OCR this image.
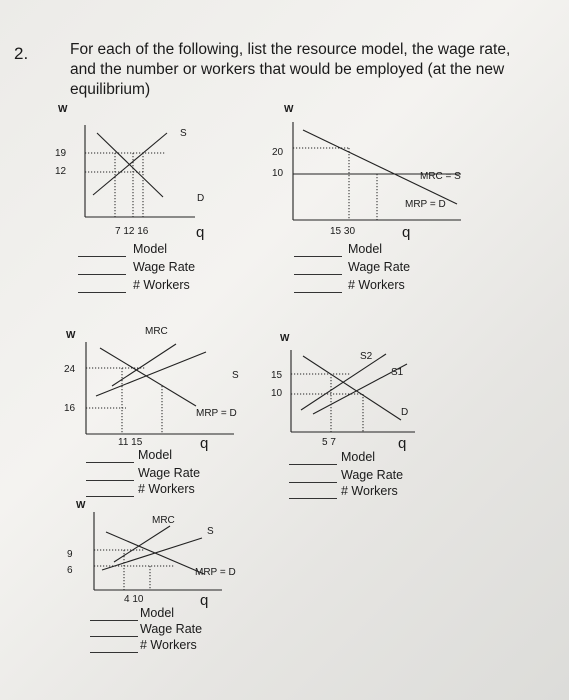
2.	For each of the following, list the resource model, the wage rate, and the number or workers that would be employed (at the new equilibrium)
W
19
12
S
D
7 12 16	q
Model
Wage Rate
# Workers
W
20
10	MRC = S
MRP = D
15 30	q
Model
Wage Rate
# Workers
W	MRC
24
16
S
MRP = D
11 15	q
Model
Wage Rate
# Workers
W
S2
S1
D
15
10
5 7	q
Model
Wage Rate
# Workers
W
MRC
9
6
S
MRP = D
4 10	q
Model
Wage Rate
# Workers
